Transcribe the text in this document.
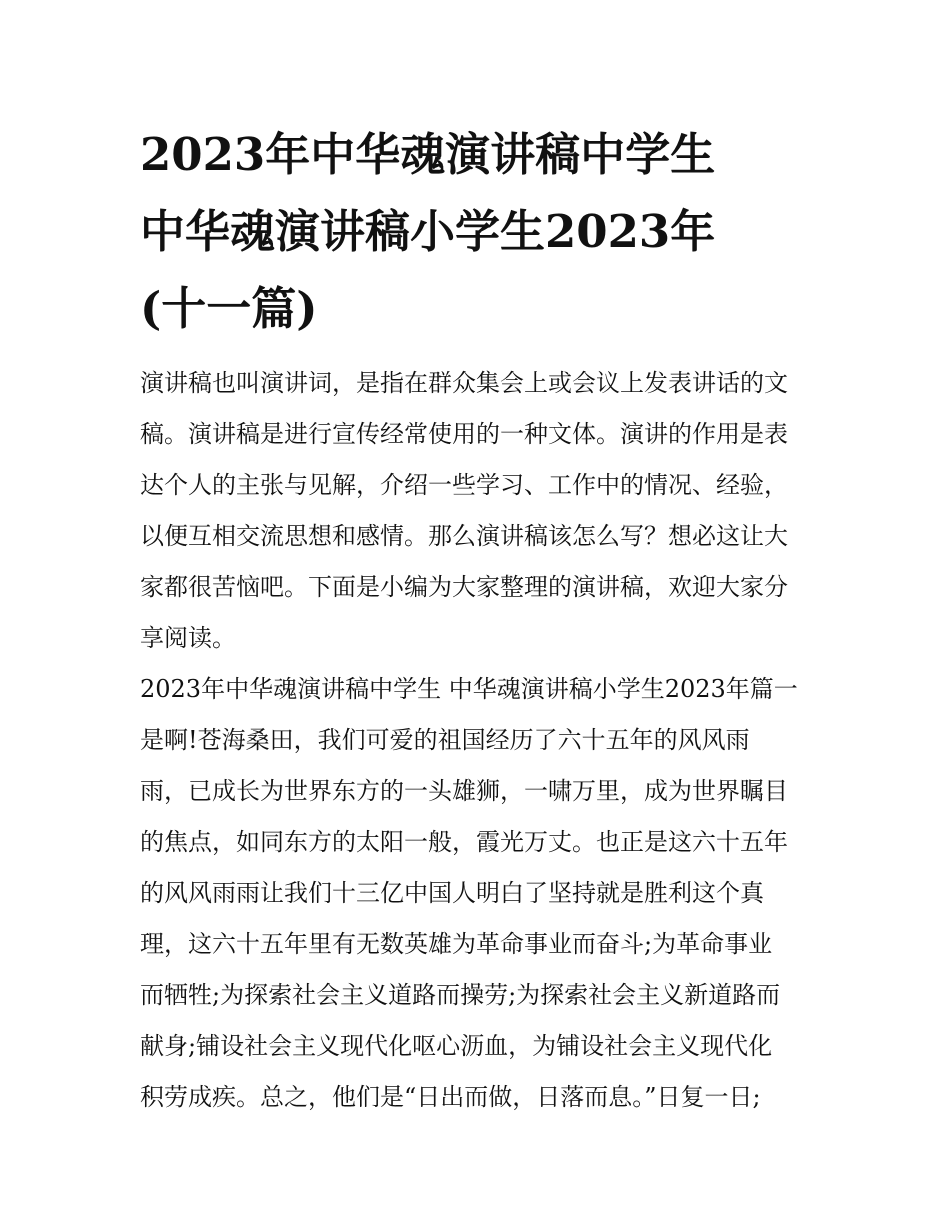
2023年中华魂演讲稿中学生
中华魂演讲稿小学生2023年
(十一篇)
演讲稿也叫演讲词，是指在群众集会上或会议上发表讲话的文
稿。演讲稿是进行宣传经常使用的一种文体。演讲的作用是表
达个人的主张与见解，介绍一些学习、工作中的情况、经验，
以便互相交流思想和感情。那么演讲稿该怎么写？想必这让大
家都很苦恼吧。下面是小编为大家整理的演讲稿，欢迎大家分
享阅读。
2023年中华魂演讲稿中学生 中华魂演讲稿小学生2023年篇一
是啊!苍海桑田，我们可爱的祖国经历了六十五年的风风雨
雨，已成长为世界东方的一头雄狮，一啸万里，成为世界瞩目
的焦点，如同东方的太阳一般，霞光万丈。也正是这六十五年
的风风雨雨让我们十三亿中国人明白了坚持就是胜利这个真
理，这六十五年里有无数英雄为革命事业而奋斗;为革命事业
而牺牲;为探索社会主义道路而操劳;为探索社会主义新道路而
献身;铺设社会主义现代化呕心沥血，为铺设社会主义现代化
积劳成疾。总之，他们是“日出而做，日落而息。”日复一日;
